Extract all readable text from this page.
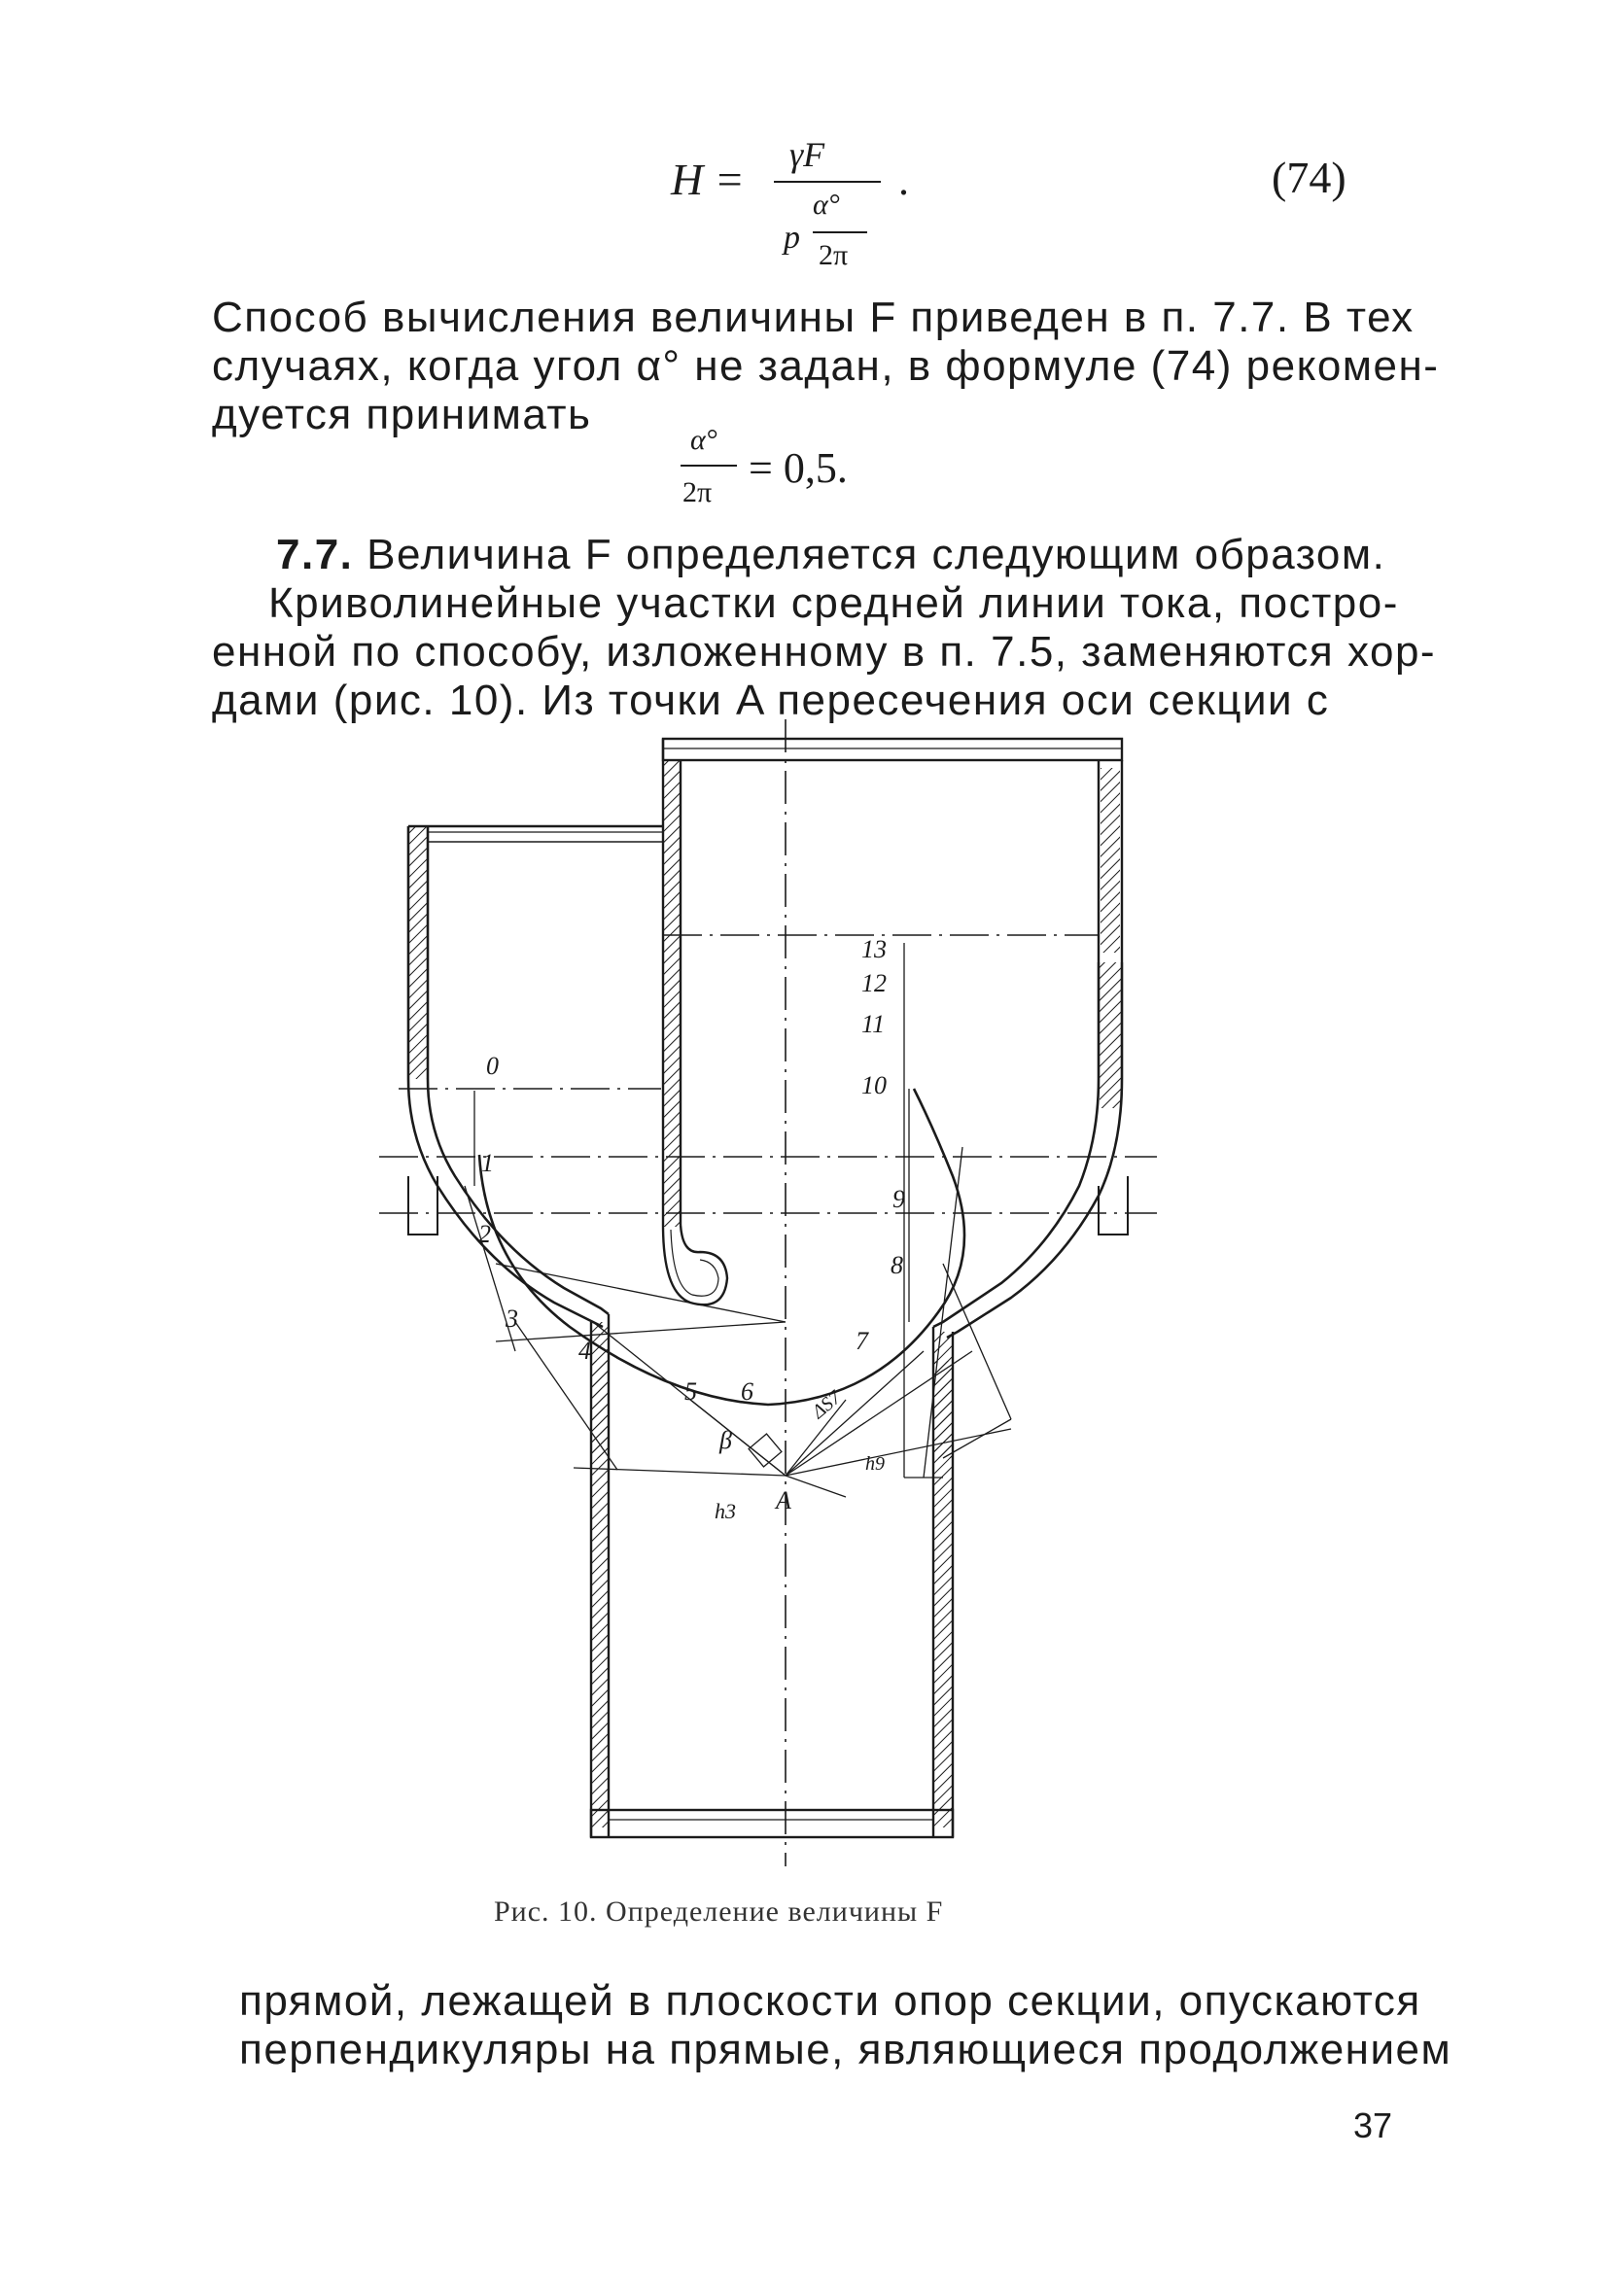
H = γF
α°
p 2π
.	(74)
Способ вычисления величины F приведен в п. 7.7. В тех
случаях, когда угол α° не задан, в формуле (74) рекомен-
дуется принимать
α°
2π
= 0,5.
7.7. Величина F определяется следующим образом.
Криволинейные участки средней линии тока, постро-
енной по способу, изложенному в п. 7.5, заменяются хор-
дами (рис. 10). Из точки A пересечения оси секции с
0
1
2
3
4
5 6
7
8
9
10
11
12
13
A
β
h3
h9
ΔS7
Рис. 10. Определение величины F
прямой, лежащей в плоскости опор секции, опускаются
перпендикуляры на прямые, являющиеся продолжением
37
